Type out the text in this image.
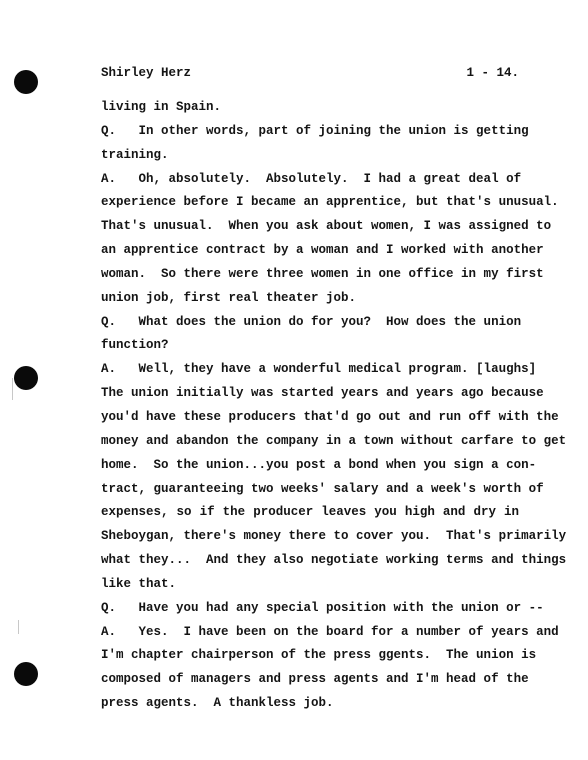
Shirley Herz	1 - 14.
living in Spain.
Q.   In other words, part of joining the union is getting
training.
A.   Oh, absolutely.  Absolutely.  I had a great deal of
experience before I became an apprentice, but that's unusual.
That's unusual.  When you ask about women, I was assigned to
an apprentice contract by a woman and I worked with another
woman.  So there were three women in one office in my first
union job, first real theater job.
Q.   What does the union do for you?  How does the union
function?
A.   Well, they have a wonderful medical program. [laughs]
The union initially was started years and years ago because
you'd have these producers that'd go out and run off with the
money and abandon the company in a town without carfare to get
home.  So the union...you post a bond when you sign a con-
tract, guaranteeing two weeks' salary and a week's worth of
expenses, so if the producer leaves you high and dry in
Sheboygan, there's money there to cover you.  That's primarily
what they...  And they also negotiate working terms and things
like that.
Q.   Have you had any special position with the union or --
A.   Yes.  I have been on the board for a number of years and
I'm chapter chairperson of the press ggents.  The union is
composed of managers and press agents and I'm head of the
press agents.  A thankless job.
